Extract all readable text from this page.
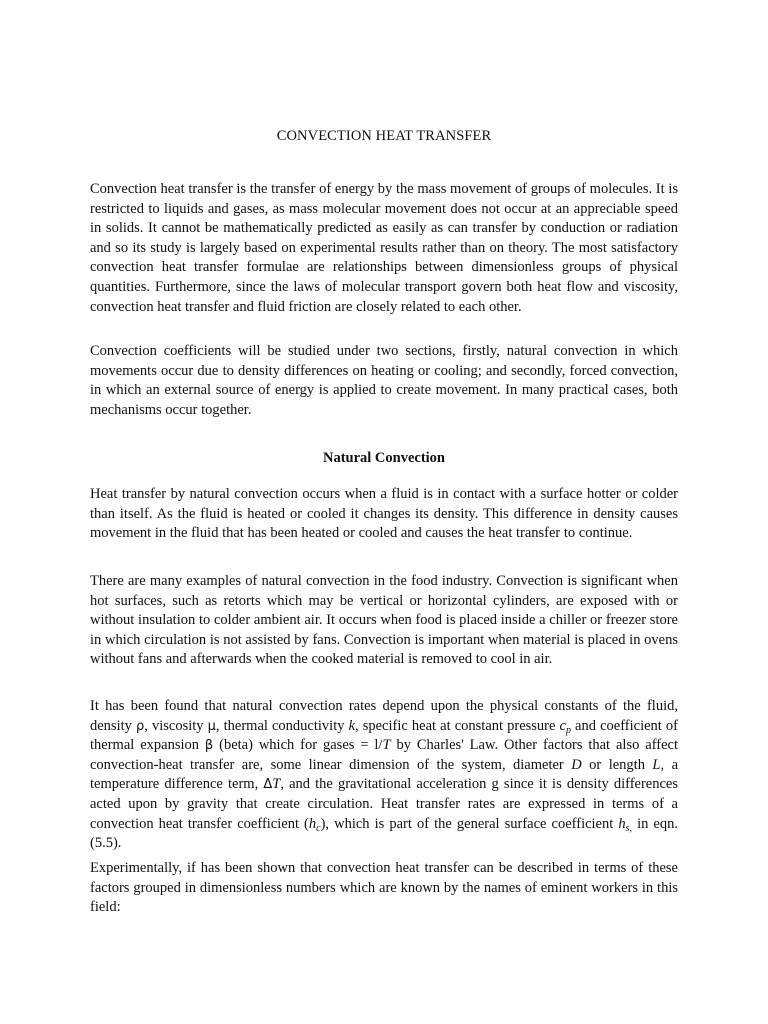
CONVECTION HEAT TRANSFER

Convection heat transfer is the transfer of energy by the mass movement of groups of molecules. It is restricted to liquids and gases, as mass molecular movement does not occur at an appreciable speed in solids. It cannot be mathematically predicted as easily as can transfer by conduction or radiation and so its study is largely based on experimental results rather than on theory. The most satisfactory convection heat transfer formulae are relationships between dimensionless groups of physical quantities. Furthermore, since the laws of molecular transport govern both heat flow and viscosity, convection heat transfer and fluid friction are closely related to each other.

Convection coefficients will be studied under two sections, firstly, natural convection in which movements occur due to density differences on heating or cooling; and secondly, forced convection, in which an external source of energy is applied to create movement. In many practical cases, both mechanisms occur together.

Natural Convection

Heat transfer by natural convection occurs when a fluid is in contact with a surface hotter or colder than itself. As the fluid is heated or cooled it changes its density. This difference in density causes movement in the fluid that has been heated or cooled and causes the heat transfer to continue.

There are many examples of natural convection in the food industry. Convection is significant when hot surfaces, such as retorts which may be vertical or horizontal cylinders, are exposed with or without insulation to colder ambient air. It occurs when food is placed inside a chiller or freezer store in which circulation is not assisted by fans. Convection is important when material is placed in ovens without fans and afterwards when the cooked material is removed to cool in air.

It has been found that natural convection rates depend upon the physical constants of the fluid, density ρ, viscosity μ, thermal conductivity k, specific heat at constant pressure $c_p$ and coefficient of thermal expansion β (beta) which for gases = l/T by Charles' Law. Other factors that also affect convection-heat transfer are, some linear dimension of the system, diameter D or length L, a temperature difference term, ΔT, and the gravitational acceleration g since it is density differences acted upon by gravity that create circulation. Heat transfer rates are expressed in terms of a convection heat transfer coefficient $(h_c)$, which is part of the general surface coefficient $h_{s,}$ in eqn. (5.5).

Experimentally, if has been shown that convection heat transfer can be described in terms of these factors grouped in dimensionless numbers which are known by the names of eminent workers in this field:
